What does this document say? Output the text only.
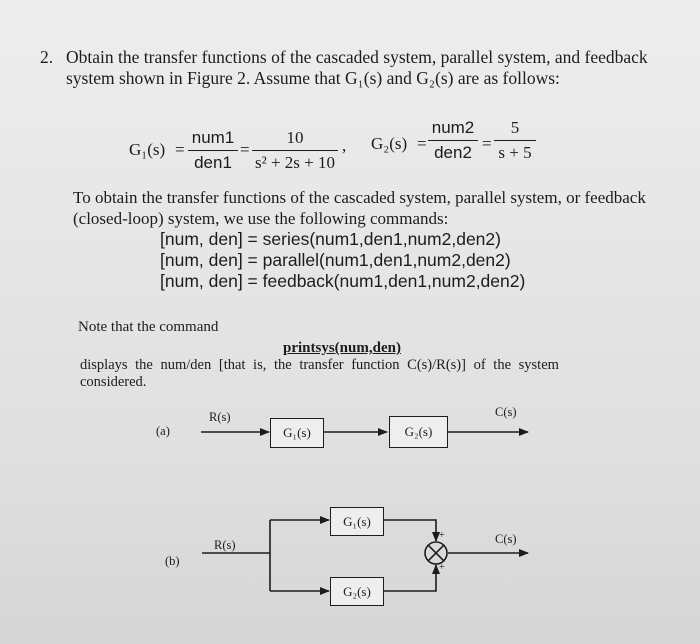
2. Obtain the transfer functions of the cascaded system, parallel system, and feedback
system shown in Figure 2. Assume that G₁(s) and G₂(s) are as follows:
G₁(s) =
num1
den1
= $\frac{10}{\text{s² + 2s + 10}}$ , G₂(s) =
num2
$den2 = \frac{5}{s + 5}$
To obtain the transfer functions of the cascaded system, parallel system, or feedback
(closed-loop) system, we use the following commands:
[num, den] = series(num1,den1,num2,den2)
[num, den] = parallel(num1,den1,num2,den2)
[num, den] = feedback(num1,den1,num2,den2)
Note that the command
printsys(num,den)
displays the num/den [that is, the transfer function C(s)/R(s)] of the system
considered.
(a)
R(s)
G₁(s)	G₂(s)
C(s)
(b)
R(s)
G₁(s)
G₂(s)
+
+
C(s)
